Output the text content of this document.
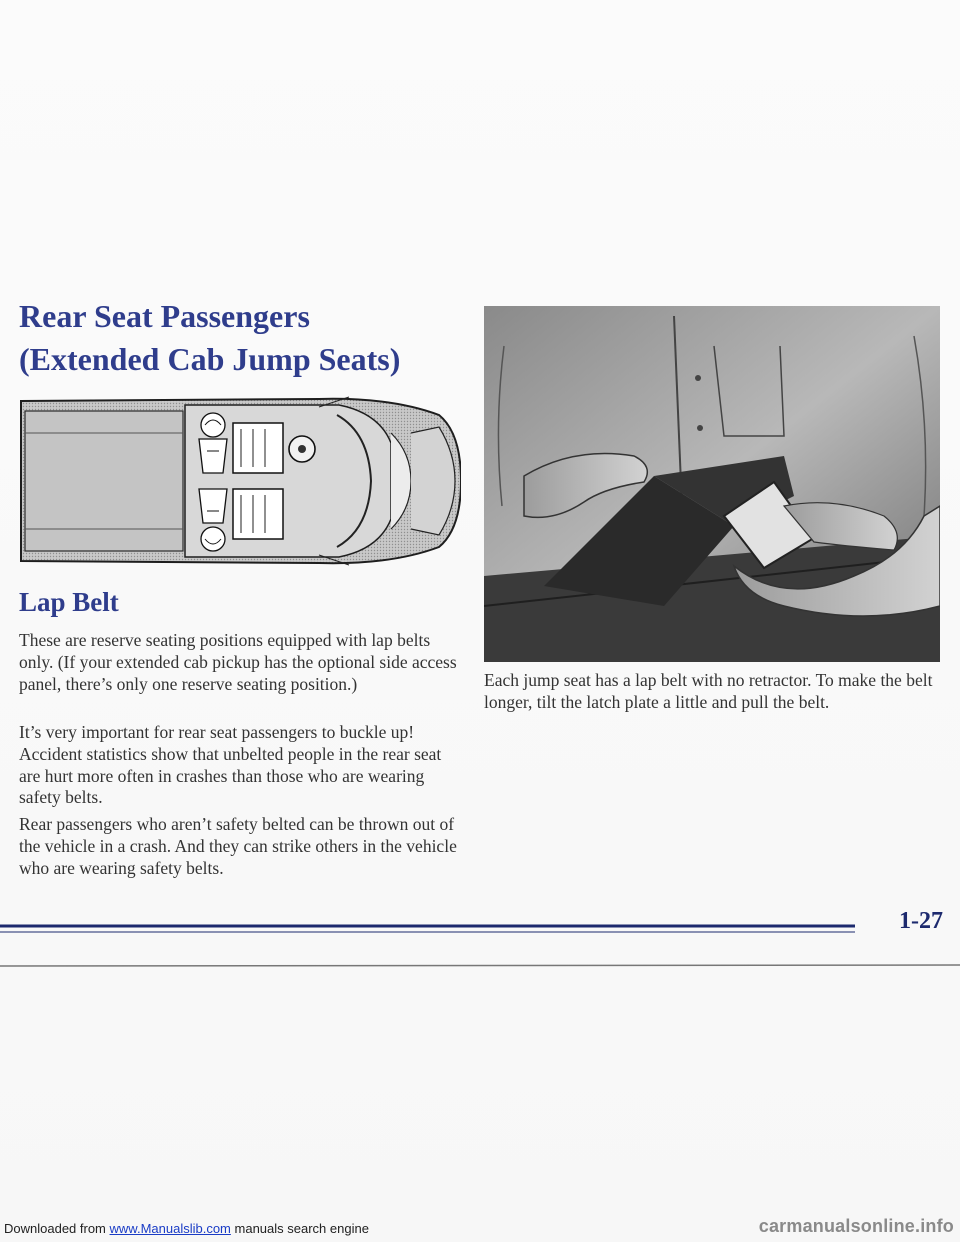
Rear Seat Passengers
(Extended Cab Jump Seats)
Lap Belt

These are reserve seating positions equipped with lap belts only. (If your extended cab pickup has the optional side access panel, there’s only one reserve seating position.)

It’s very important for rear seat passengers to buckle up! Accident statistics show that unbelted people in the rear seat are hurt more often in crashes than those who are wearing safety belts.

Rear passengers who aren’t safety belted can be thrown out of the vehicle in a crash. And they can strike others in the vehicle who are wearing safety belts.

Each jump seat has a lap belt with no retractor. To make the belt longer, tilt the latch plate a little and pull the belt.

1-27
Downloaded from www.Manualslib.com manuals search engine	carmanualsonline.info
